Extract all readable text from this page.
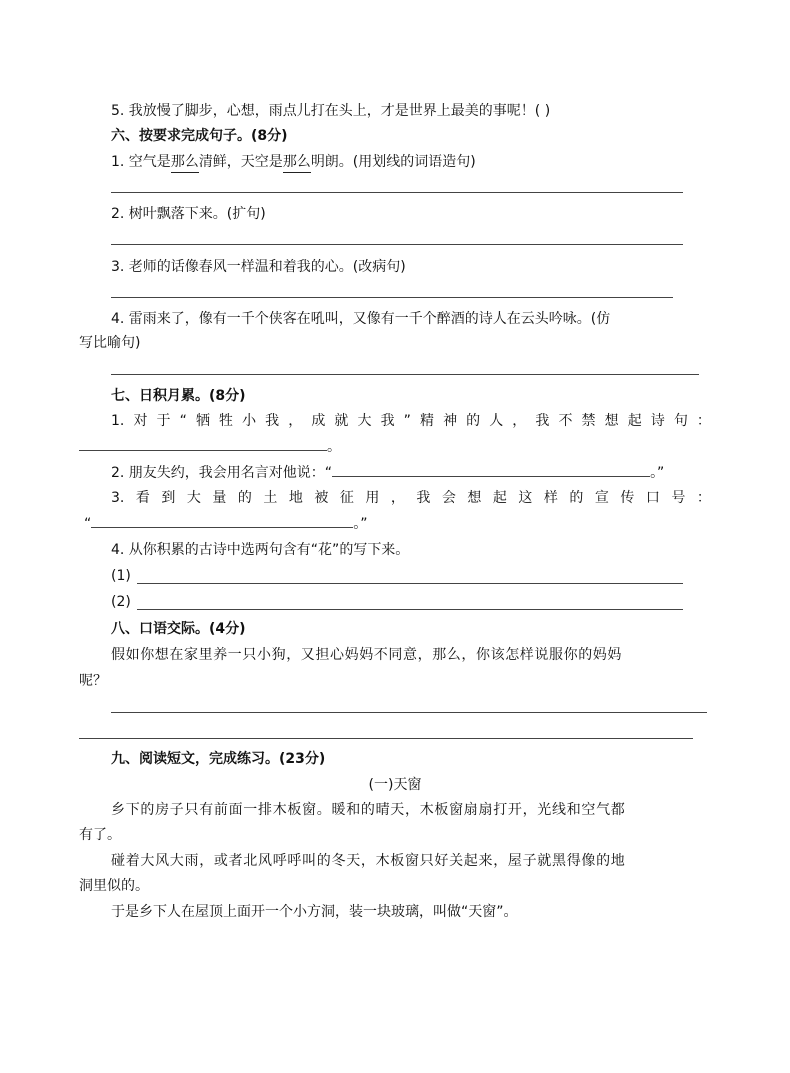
5. 我放慢了脚步，心想，雨点儿打在头上，才是世界上最美的事呢！( )
六、按要求完成句子。(8分)
1. 空气是那么清鲜，天空是那么明朗。(用划线的词语造句)
2. 树叶飘落下来。(扩句)
3. 老师的话像春风一样温和着我的心。(改病句)
4. 雷雨来了，像有一千个侠客在吼叫，又像有一千个醉酒的诗人在云头吟咏。(仿
写比喻句)
七、日积月累。(8分)
1. 对 于 “ 牺 牲 小 我 ， 成 就 大 我 ” 精 神 的 人 ， 我 不 禁 想 起 诗 句 ：
。
2. 朋友失约，我会用名言对他说：“	。”
3. 看 到 大 量 的 土 地 被 征 用 ， 我 会 想 起 这 样 的 宣 传 口 号 ：
“	。”
4. 从你积累的古诗中选两句含有“花”的写下来。
(1)
(2)
八、口语交际。(4分)
假如你想在家里养一只小狗，又担心妈妈不同意，那么，你该怎样说服你的妈妈
呢？
九、阅读短文，完成练习。(23分)
(一)天窗
乡下的房子只有前面一排木板窗。暖和的晴天，木板窗扇扇打开，光线和空气都
有了。
碰着大风大雨，或者北风呼呼叫的冬天，木板窗只好关起来，屋子就黑得像的地
洞里似的。
于是乡下人在屋顶上面开一个小方洞，装一块玻璃，叫做“天窗”。
